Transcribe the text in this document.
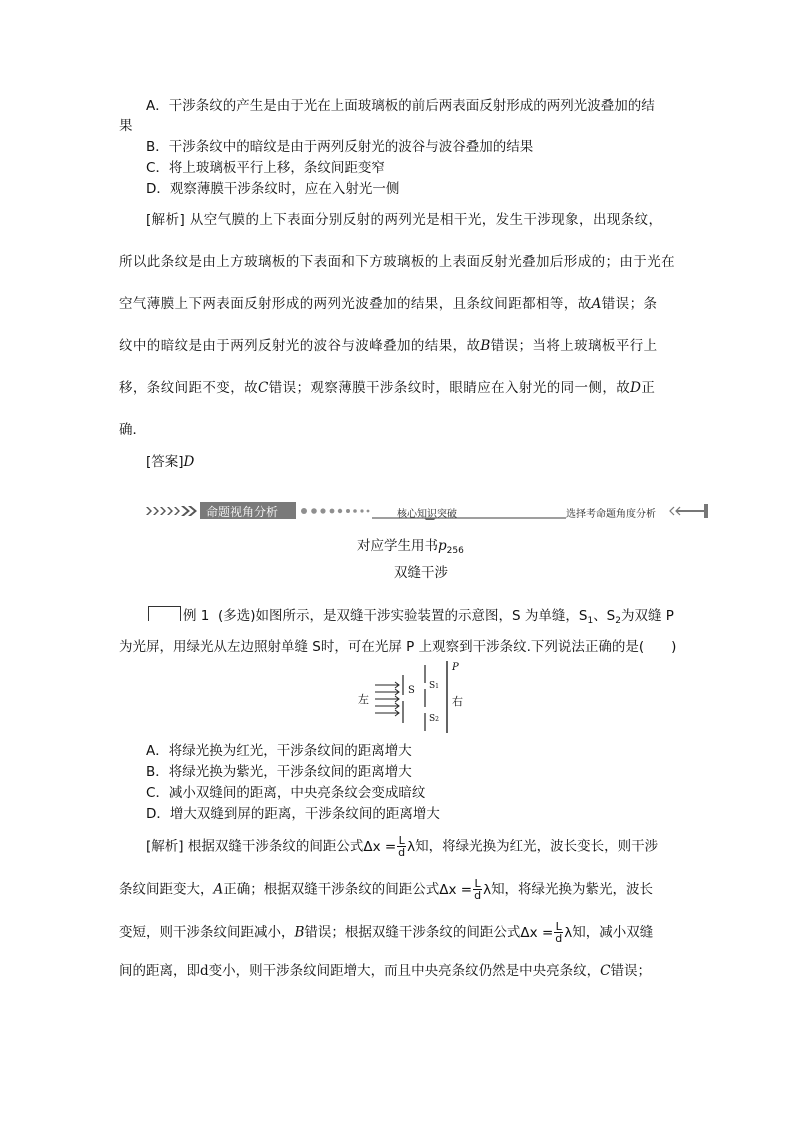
A．干涉条纹的产生是由于光在上面玻璃板的前后两表面反射形成的两列光波叠加的结
果
B．干涉条纹中的暗纹是由于两列反射光的波谷与波谷叠加的结果
C．将上玻璃板平行上移，条纹间距变窄
D．观察薄膜干涉条纹时，应在入射光一侧
[解析] 从空气膜的上下表面分别反射的两列光是相干光，发生干涉现象，出现条纹，
所以此条纹是由上方玻璃板的下表面和下方玻璃板的上表面反射光叠加后形成的；由于光在
空气薄膜上下两表面反射形成的两列光波叠加的结果，且条纹间距都相等，故A错误；条
纹中的暗纹是由于两列反射光的波谷与波峰叠加的结果，故B错误；当将上玻璃板平行上
移，条纹间距不变，故C错误；观察薄膜干涉条纹时，眼睛应在入射光的同一侧，故D正
确．
[答案]D
命题视角分析	核心知识突破	选择考命题角度分析
对应学生用书$p_{256}$
双缝干涉
例 1 (多选)如图所示，是双缝干涉实验装置的示意图，S 为单缝，$S_1$、$S_2$为双缝 P
为光屏，用绿光从左边照射单缝 S时，可在光屏 P 上观察到干涉条纹.下列说法正确的是(　　)
左
S S1
S2
P
右
A．将绿光换为红光，干涉条纹间的距离增大
B．将绿光换为紫光，干涉条纹间的距离增大
C．减小双缝间的距离，中央亮条纹会变成暗纹
D．增大双缝到屏的距离，干涉条纹间的距离增大
[解析] 根据双缝干涉条纹的间距公式$\Delta x = \frac{L}{d}$ λ知，将绿光换为红光，波长变长，则干涉
条纹间距变大，A正确；根据双缝干涉条纹的间距公式$\Delta x = \frac{L}{d}$ λ知，将绿光换为紫光，波长
变短，则干涉条纹间距减小，B错误；根据双缝干涉条纹的间距公式$\Delta x = \frac{L}{d}$ λ知，减小双缝
间的距离，即d变小，则干涉条纹间距增大，而且中央亮条纹仍然是中央亮条纹，C错误；
